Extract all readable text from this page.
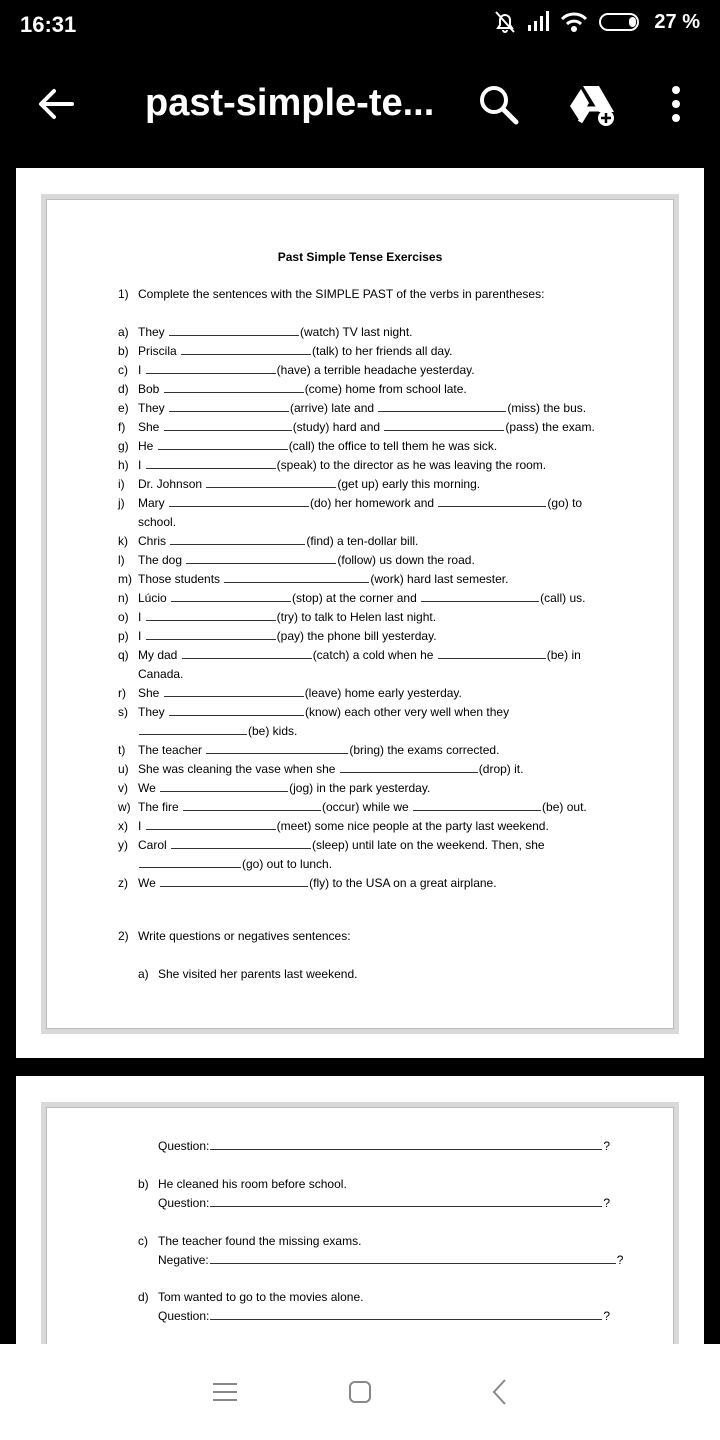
16:31	27 %
past-simple-te...
Past Simple Tense Exercises
1) Complete the sentences with the SIMPLE PAST of the verbs in parentheses:
a) They	(watch) TV last night.
b) Priscila	(talk) to her friends all day.
c) I	(have) a terrible headache yesterday.
d) Bob	(come) home from school late.
e) They	(arrive) late and	(miss) the bus.
f) She	(study) hard and	(pass) the exam.
g) He	(call) the office to tell them he was sick.
h) I	(speak) to the director as he was leaving the room.
i) Dr. Johnson	(get up) early this morning.
j) Mary	(do) her homework and	(go) to
school.
k) Chris	(find) a ten-dollar bill.
l) The dog	(follow) us down the road.
m) Those students	(work) hard last semester.
n) Lúcio	(stop) at the corner and	(call) us.
o) I	(try) to talk to Helen last night.
p) I	(pay) the phone bill yesterday.
q) My dad	(catch) a cold when he	(be) in
Canada.
r) She	(leave) home early yesterday.
s) They	(know) each other very well when they
(be) kids.
t) The teacher	(bring) the exams corrected.
u) She was cleaning the vase when she	(drop) it.
v) We	(jog) in the park yesterday.
w) The fire	(occur) while we	(be) out.
x) I	(meet) some nice people at the party last weekend.
y) Carol	(sleep) until late on the weekend. Then, she
(go) out to lunch.
z) We	(fly) to the USA on a great airplane.
2) Write questions or negatives sentences:
a) She visited her parents last weekend.
Question:	?
b) He cleaned his room before school.
Question:	?
c) The teacher found the missing exams.
Negative:	?
d) Tom wanted to go to the movies alone.
Question:	?
